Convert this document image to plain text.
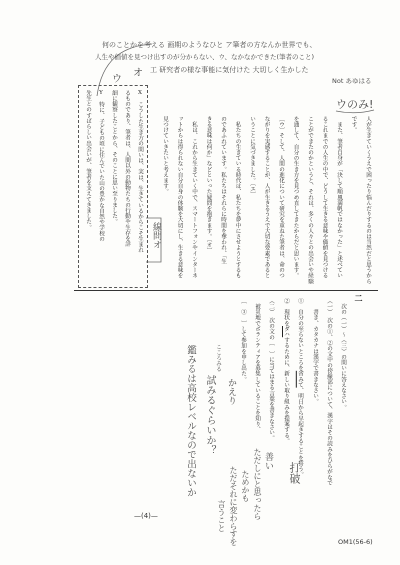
何のことかを考える 画期のようなひと ア筆者の方なんか世界でも、
人生や価値を見つけ出すのが分からない、ウ、なかなかできた(筆者のこと)
工 研究者の様な事能に気付けた 大切しく生かした
Not あゆはる
ウのみ!
ウ
オ
線問オ	人が生きていくうえで困ったり悩んだりするのは当然だと思うから
です。
　また、筆者自身が「決して順風満帆ではなかった」と述べてい
るこれまでの人生の中で、どうして生きる意味や価値を見つける
ことができたのかというと、それは、多くの人々との出会いや経験
を通して、自分の生き方を見つめ直してきたからだと思います。
〔ウ〕そして、人間の進化について研究を重ねた筆者は、命のつ
ながりを実感することが、人が生きるうえで大切な要素であると
いうことに気づきました。〔エ〕
　私たちの生きている時代は、私たちを夢中にさせようとするも
のであふれています。私たちはそれらに時間を奪われ、「生
きる意味は何か」などといった疑問を抱きます。〔オ〕
　私は、これから生きていく中で、スマートフォンやインターネ
ットからは得られない自分自身の体験を大切にし、生きる意味を
見つけていきたいと考えます。
X　こうした生き方の問いは、実は、生きているからこそ生まれ
るものであり、筆者は、人間以外の動物たちの行動や生存を詳
細に観察したことから、そのことに思い至りました。
Y　特に、子どもの頃に住んでいた山の豊かな自然や学校の
先生とのすばらしい出会いが、筆者を支えてきました。
二
　次の（一）〜（三）の問いに答えなさい。
（一）　次の①、②の文中の傍線部について、漢字はその読みをひらがなで
　　書き、カタカナは漢字で書きなさい。
①　自分の至らないところを省みて、明日から早起きすることを誓う。
②　現状をダハするために、新しい取り組みを提案する。
（二）　次の文の〔　〕に当てはまる言葉を書きなさい。
　被災地でボランティアを募集していることを知り、
〔　③　〕して参加を申し出た。
かえり
善い
打破
こころみる
試みるぐらいか？
鑑みるは高校レベルなので出ないか	ただしにと思ったら
ためかも
ただそれに変わらすを
言うこと
—(4)—
OM1(56-6)
